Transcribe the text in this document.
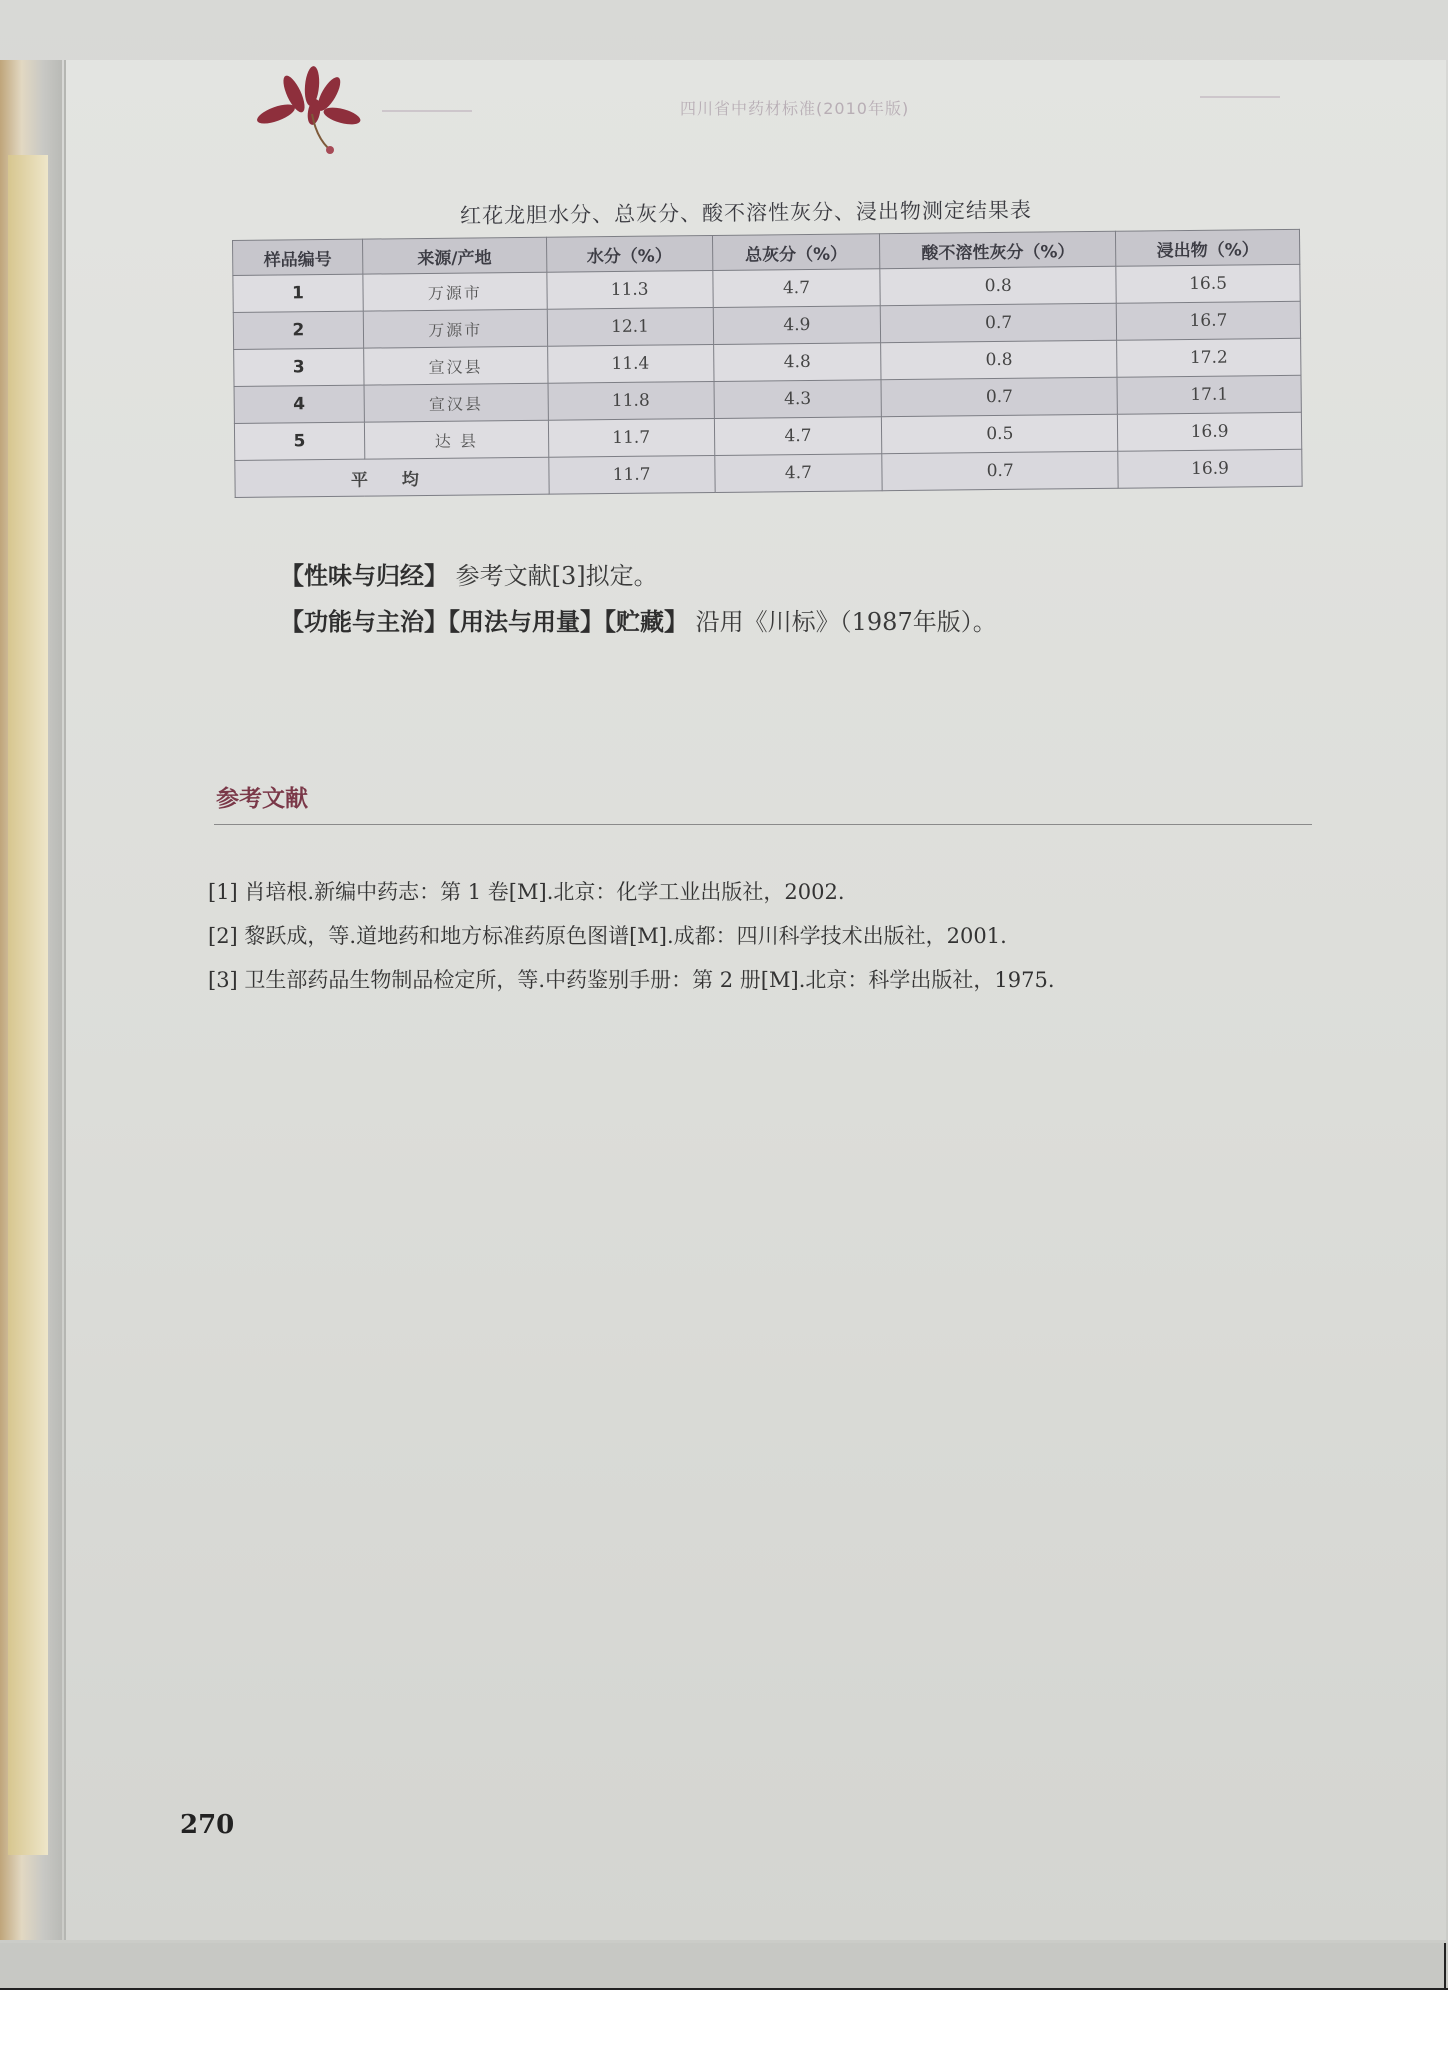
四川省中药材标准(2010年版)
红花龙胆水分、总灰分、酸不溶性灰分、浸出物测定结果表
样品编号	来源/产地	水分（%）	总灰分（%）	酸不溶性灰分（%）	浸出物（%）
1	万源市	11.3	4.7	0.8	16.5
2	万源市	12.1	4.9	0.7	16.7
3	宣汉县	11.4	4.8	0.8	17.2
4	宣汉县	11.8	4.3	0.7	17.1
5	达 县	11.7	4.7	0.5	16.9
平 均		11.7	4.7	0.7	16.9
【性味与归经】 参考文献[3]拟定。
【功能与主治】【用法与用量】【贮藏】 沿用《川标》（1987年版）。
参考文献
[1] 肖培根.新编中药志：第 1 卷[M].北京：化学工业出版社，2002.
[2] 黎跃成，等.道地药和地方标准药原色图谱[M].成都：四川科学技术出版社，2001.
[3] 卫生部药品生物制品检定所，等.中药鉴别手册：第 2 册[M].北京：科学出版社，1975.
270
